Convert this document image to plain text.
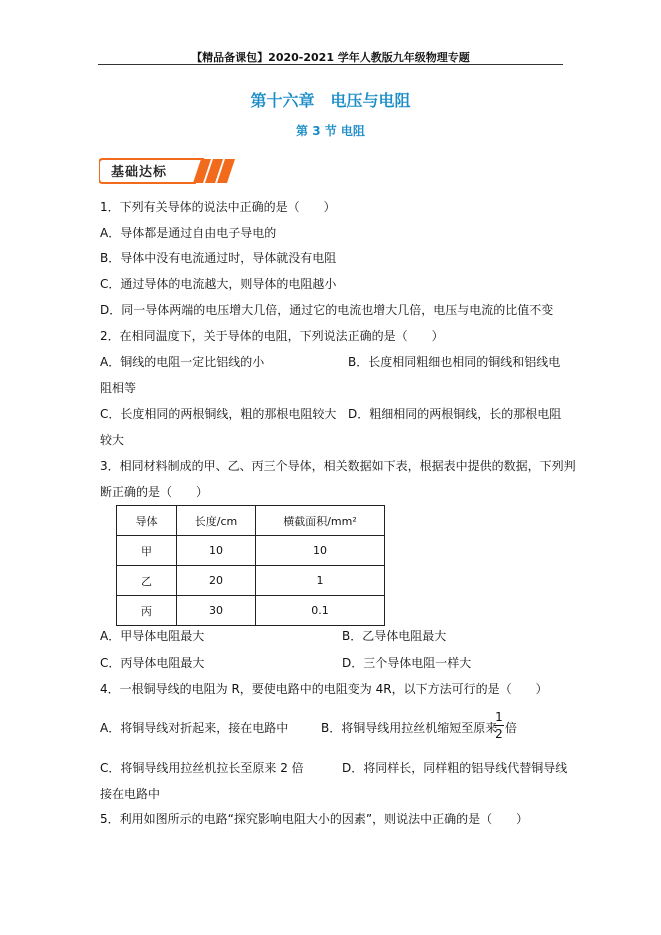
【精品备课包】2020-2021 学年人教版九年级物理专题
第十六章　电压与电阻
第 3 节 电阻
基础达标
1．下列有关导体的说法中正确的是（　　）
A．导体都是通过自由电子导电的
B．导体中没有电流通过时，导体就没有电阻
C．通过导体的电流越大，则导体的电阻越小
D．同一导体两端的电压增大几倍，通过它的电流也增大几倍，电压与电流的比值不变
2．在相同温度下，关于导体的电阻，下列说法正确的是（　　）
A．铜线的电阻一定比铝线的小	B．长度相同粗细也相同的铜线和铝线电
阻相等
C．长度相同的两根铜线，粗的那根电阻较大 D．粗细相同的两根铜线，长的那根电阻
较大
3．相同材料制成的甲、乙、丙三个导体，相关数据如下表，根据表中提供的数据，下列判
断正确的是（　　）
导体	长度/cm	横截面积/mm²
甲	10	10
乙	20	1
丙	30	0.1
A．甲导体电阻最大	B．乙导体电阻最大
C．丙导体电阻最大	D．三个导体电阻一样大
4．一根铜导线的电阻为 R，要使电路中的电阻变为 4R，以下方法可行的是（　　）
A．将铜导线对折起来，接在电路中	B．将铜导线用拉丝机缩短至原来
1
2 倍
C．将铜导线用拉丝机拉长至原来 2 倍	D．将同样长，同样粗的铝导线代替铜导线
接在电路中
5．利用如图所示的电路“探究影响电阻大小的因素”，则说法中正确的是（　　）
